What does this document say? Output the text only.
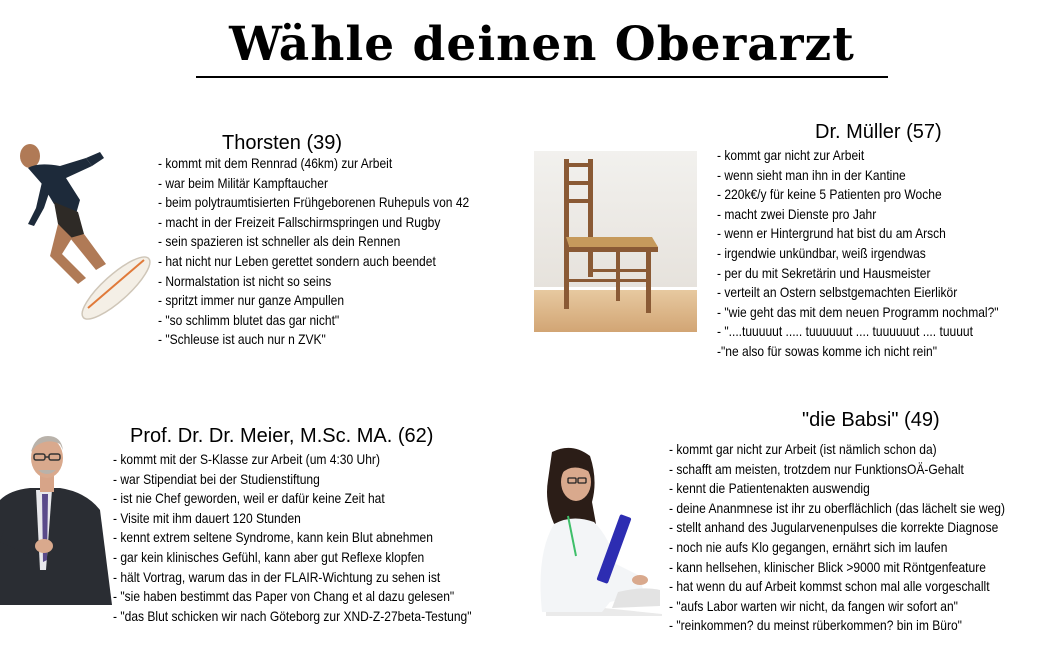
Wähle deinen Oberarzt
Thorsten (39)
- kommt mit dem Rennrad (46km) zur Arbeit
- war beim Militär Kampftaucher
- beim polytraumtisierten Frühgeborenen Ruhepuls von 42
- macht in der Freizeit Fallschirmspringen und Rugby
- sein spazieren ist schneller als dein Rennen
- hat nicht nur Leben gerettet sondern auch beendet
- Normalstation ist nicht so seins
- spritzt immer nur ganze Ampullen
- "so schlimm blutet das gar nicht"
- "Schleuse ist auch nur n ZVK"
Dr. Müller (57)
- kommt gar nicht zur Arbeit
- wenn sieht man ihn in der Kantine
- 220k€/y für keine 5 Patienten pro Woche
- macht zwei Dienste pro Jahr
- wenn er Hintergrund hat bist du am Arsch
- irgendwie unkündbar, weiß irgendwas
- per du mit Sekretärin und Hausmeister
- verteilt an Ostern selbstgemachten Eierlikör
- "wie geht das mit dem neuen Programm nochmal?"
- "....tuuuuut ..... tuuuuuut .... tuuuuuut .... tuuuut
-"ne also für sowas komme ich nicht rein"
Prof. Dr. Dr. Meier, M.Sc. MA. (62)
- kommt mit der S-Klasse zur Arbeit (um 4:30 Uhr)
- war Stipendiat bei der Studienstiftung
- ist nie Chef geworden, weil er dafür keine Zeit hat
- Visite mit ihm dauert 120 Stunden
- kennt extrem seltene Syndrome, kann kein Blut abnehmen
- gar kein klinisches Gefühl, kann aber gut Reflexe klopfen
- hält Vortrag, warum das in der FLAIR-Wichtung zu sehen ist
- "sie haben bestimmt das Paper von Chang et al dazu gelesen"
- "das Blut schicken wir nach Göteborg zur XND-Z-27beta-Testung"
"die Babsi" (49)
- kommt gar nicht zur Arbeit (ist nämlich schon da)
- schafft am meisten, trotzdem nur FunktionsOÄ-Gehalt
- kennt die Patientenakten auswendig
- deine Ananmnese ist ihr zu oberflächlich (das lächelt sie weg)
- stellt anhand des Jugularvenenpulses die korrekte Diagnose
- noch nie aufs Klo gegangen, ernährt sich im laufen
- kann hellsehen, klinischer Blick >9000 mit Röntgenfeature
- hat wenn du auf Arbeit kommst schon mal alle vorgeschallt
- "aufs Labor warten wir nicht, da fangen wir sofort an"
- "reinkommen? du meinst rüberkommen? bin im Büro"
